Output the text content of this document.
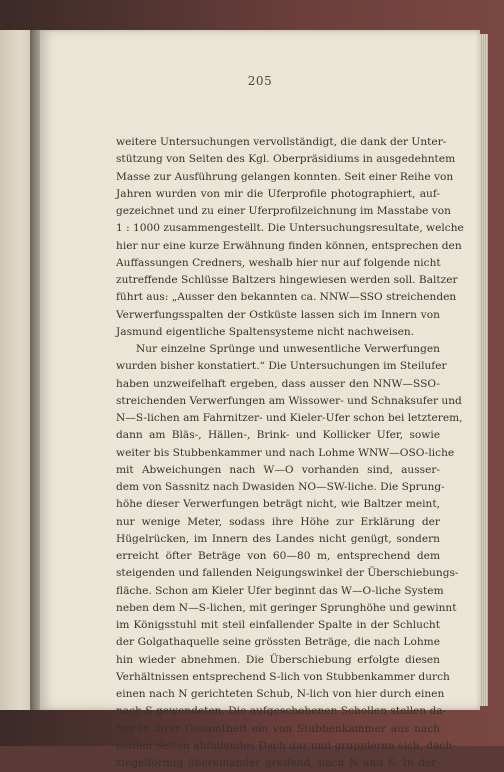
205
weitere Untersuchungen vervollständigt, die dank der Unter-
stützung von Seiten des Kgl. Oberpräsidiums in ausgedehntem
Masse zur Ausführung gelangen konnten. Seit einer Reihe von
Jahren wurden von mir die Uferprofile photographiert, auf-
gezeichnet und zu einer Uferprofilzeichnung im Masstabe von
1 : 1000 zusammengestellt. Die Untersuchungsresultate, welche
hier nur eine kurze Erwähnung finden können, entsprechen den
Auffassungen Crednersׅ, weshalb hier nur auf folgende nicht
zutreffende Schlüsse Baltzers hingewiesen werden soll. Baltzer
führt aus: „Ausser den bekannten ca. NNW—SSO streichenden
Verwerfungsspalten der Ostküste lassen sich im Innern von
Jasmund eigentliche Spaltensysteme nicht nachweisen.
Nur einzelne Sprünge und unwesentliche Verwerfungen
wurden bisher konstatiert.“ Die Untersuchungen im Steilufer
haben unzweifelhaft ergeben, dass ausser den NNW—SSO-
streichenden Verwerfungen am Wissower- und Schnaksufer und
N—S-lichen am Fahrnitzer- und Kieler-Ufer schon bei letzterem,
dann am Bläs-, Hällen-, Brink- und Kollicker Ufer, sowie
weiter bis Stubbenkammer und nach Lohme WNW—OSO-liche
mit Abweichungen nach W—O vorhanden sind, ausser-
dem von Sassnitz nach Dwasiden NO—SW-liche. Die Sprung-
höhe dieser Verwerfungen beträgt nicht, wie Baltzer meint,
nur wenige Meter, sodass ihre Höhe zur Erklärung der
Hügelrücken, im Innern des Landes nicht genügt, sondern
erreicht öfter Beträge von 60—80 m, entsprechend dem
steigenden und fallenden Neigungswinkel der Überschiebungs-
fläche. Schon am Kieler Ufer beginnt das W—O-liche System
neben dem N—S-lichen, mit geringer Sprunghöhe und gewinnt
im Königsstuhl mit steil einfallender Spalte in der Schlucht
der Golgathaquelle seine grössten Beträge, die nach Lohme
hin wieder abnehmen. Die Überschiebung erfolgte diesen
Verhältnissen entsprechend S-lich von Stubbenkammer durch
einen nach N gerichteten Schub, N-lich von hier durch einen
nach S gewendeten. Die aufgeschobenen Schollen stellen da-
her in ihrer Gesamtheit ein von Stubbenkammer aus nach
beiden Seiten abfallendes Dach dar und gruppieren sich, dach-
ziegelförmig übereinander greifend, nach N und S. In der-
